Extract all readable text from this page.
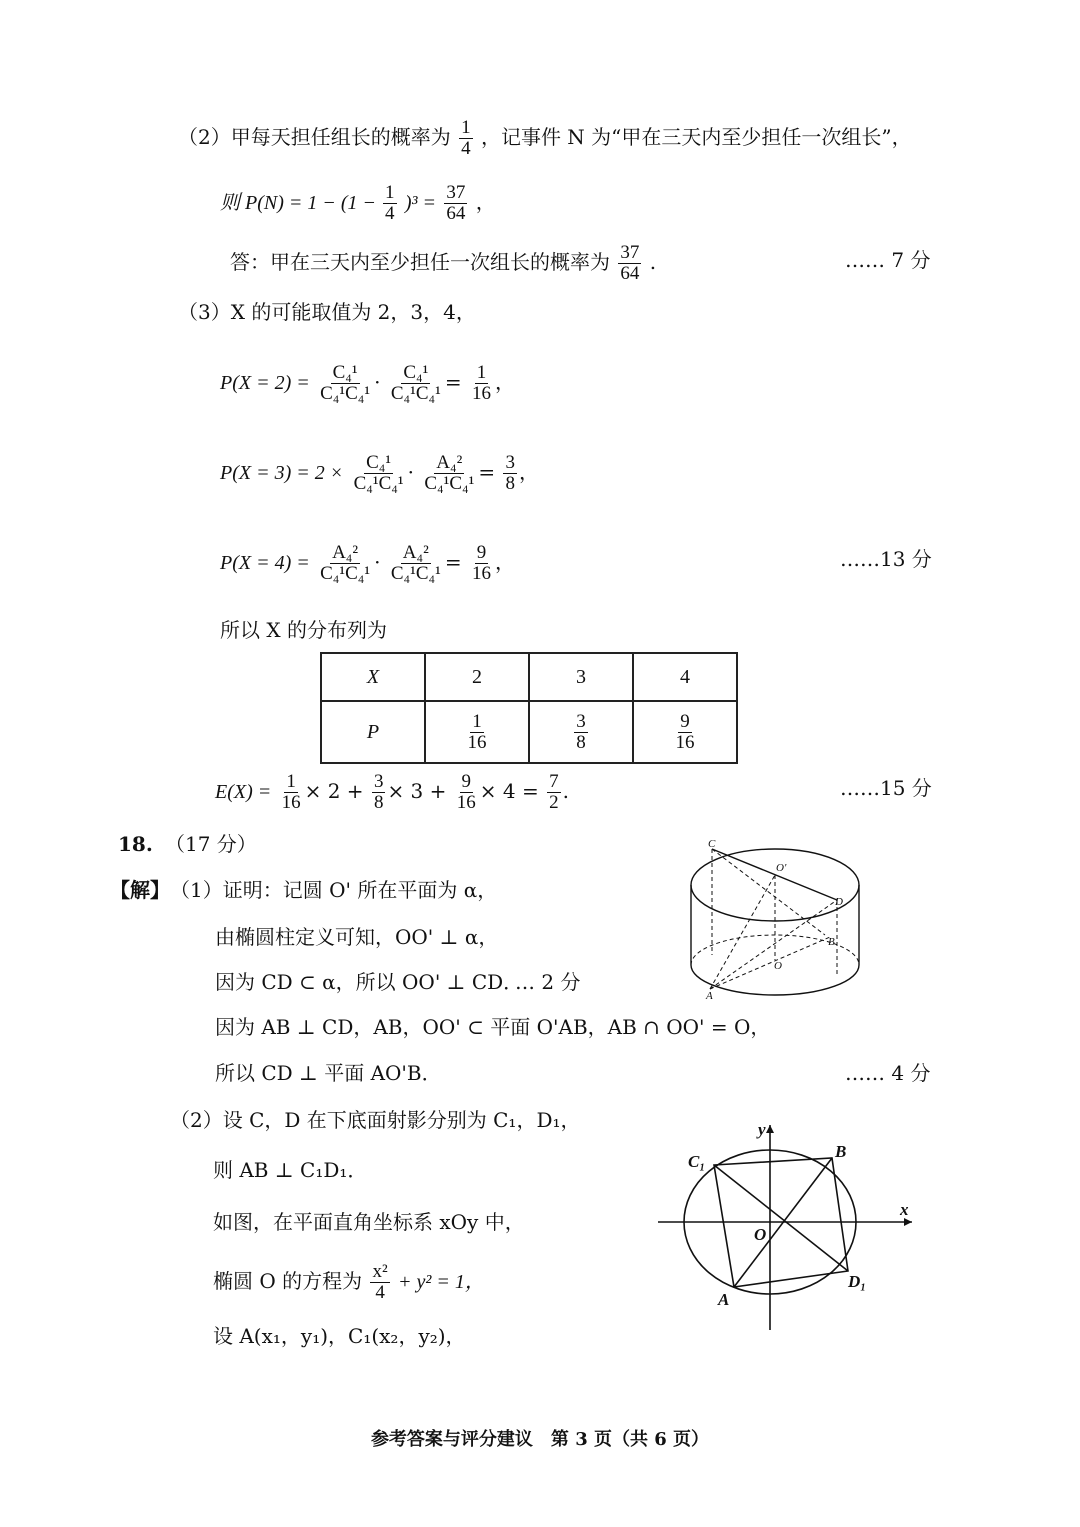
（2）甲每天担任组长的概率为 $\frac{1}{4}$ ，记事件 N 为“甲在三天内至少担任一次组长”，
则 $P(N) = 1 - (1 - \frac{1}{4} )^3 = \frac{37}{64}$ ，
答：甲在三天内至少担任一次组长的概率为 $\frac{37}{64}$ .	…… 7 分
（3）X 的可能取值为 2，3，4，
$P(X = 2) = \frac{\text{C₄¹}}{\text{C₄¹C₄¹}} \cdot \frac{\text{C₄¹}}{\text{C₄¹C₄¹}} = \frac{1}{16}$ ，
$P(X = 3) = 2 \times \frac{\text{C₄¹}}{\text{C₄¹C₄¹}} \cdot \frac{\text{A₄²}}{\text{C₄¹C₄¹}} = \frac{3}{8}$ ，
$P(X = 4) = \frac{\text{A₄²}}{\text{C₄¹C₄¹}} \cdot \frac{\text{A₄²}}{\text{C₄¹C₄¹}} = \frac{9}{16}$ ，	……13 分
所以 X 的分布列为
X	2	3	4
P	$\frac{1}{16}$	$\frac{3}{8}$	$\frac{9}{16}$
$E(X) = \frac{1}{16} \times 2 + \frac{3}{8} \times 3 + \frac{9}{16} \times 4 = \frac{7}{2}$ .	……15 分
18. （17 分）
【解】 （1）证明：记圆 O' 所在平面为 α，
由椭圆柱定义可知，OO' ⊥ α，
因为 CD ⊂ α，所以 OO' ⊥ CD．
… 2 分
因为 AB ⊥ CD，AB，OO' ⊂ 平面 O'AB，AB ∩ OO' = O，
所以 CD ⊥ 平面 AO'B．	…… 4 分
（2）设 C，D 在下底面射影分别为 C₁，D₁，
则 AB ⊥ C₁D₁．
如图，在平面直角坐标系 xOy 中，
椭圆 O 的方程为 $\frac{\text{x²}}{4} + y^2 = 1$，
设 A(x₁，y₁)，C₁(x₂，y₂)，
C
O'
D
B
O
A
y
x
B
C₁
O
D₁
A
参考答案与评分建议　第 3 页（共 6 页）
